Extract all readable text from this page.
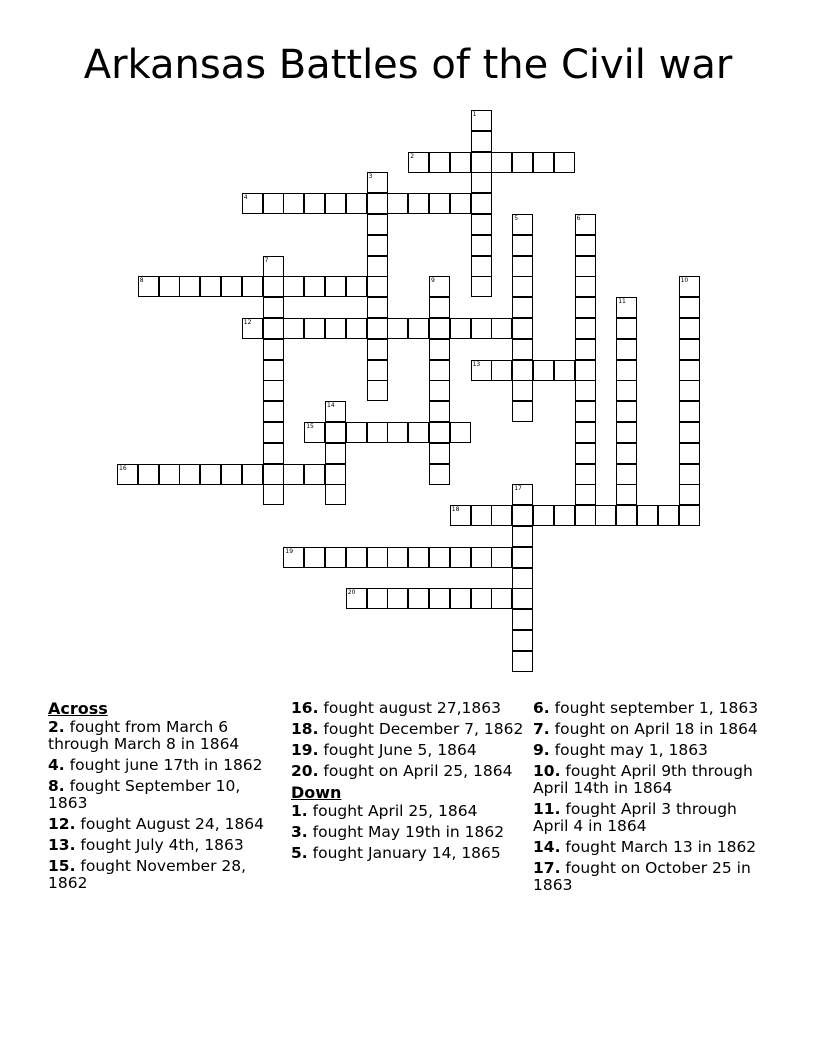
Arkansas Battles of the Civil war
1
2
3
4
5	6
7
8	9	10
11
12
13
14
15
16
17
18
19
20
Across
2. fought from March 6 through March 8 in 1864
4. fought june 17th in 1862
8. fought September 10, 1863
12. fought August 24, 1864
13. fought July 4th, 1863
15. fought November 28, 1862
16. fought august 27,1863
18. fought December 7, 1862
19. fought June 5, 1864
20. fought on April 25, 1864
Down
1. fought April 25, 1864
3. fought May 19th in 1862
5. fought January 14, 1865
6. fought september 1, 1863
7. fought on April 18 in 1864
9. fought may 1, 1863
10. fought April 9th through April 14th in 1864
11. fought April 3 through April 4 in 1864
14. fought March 13 in 1862
17. fought on October 25 in 1863
